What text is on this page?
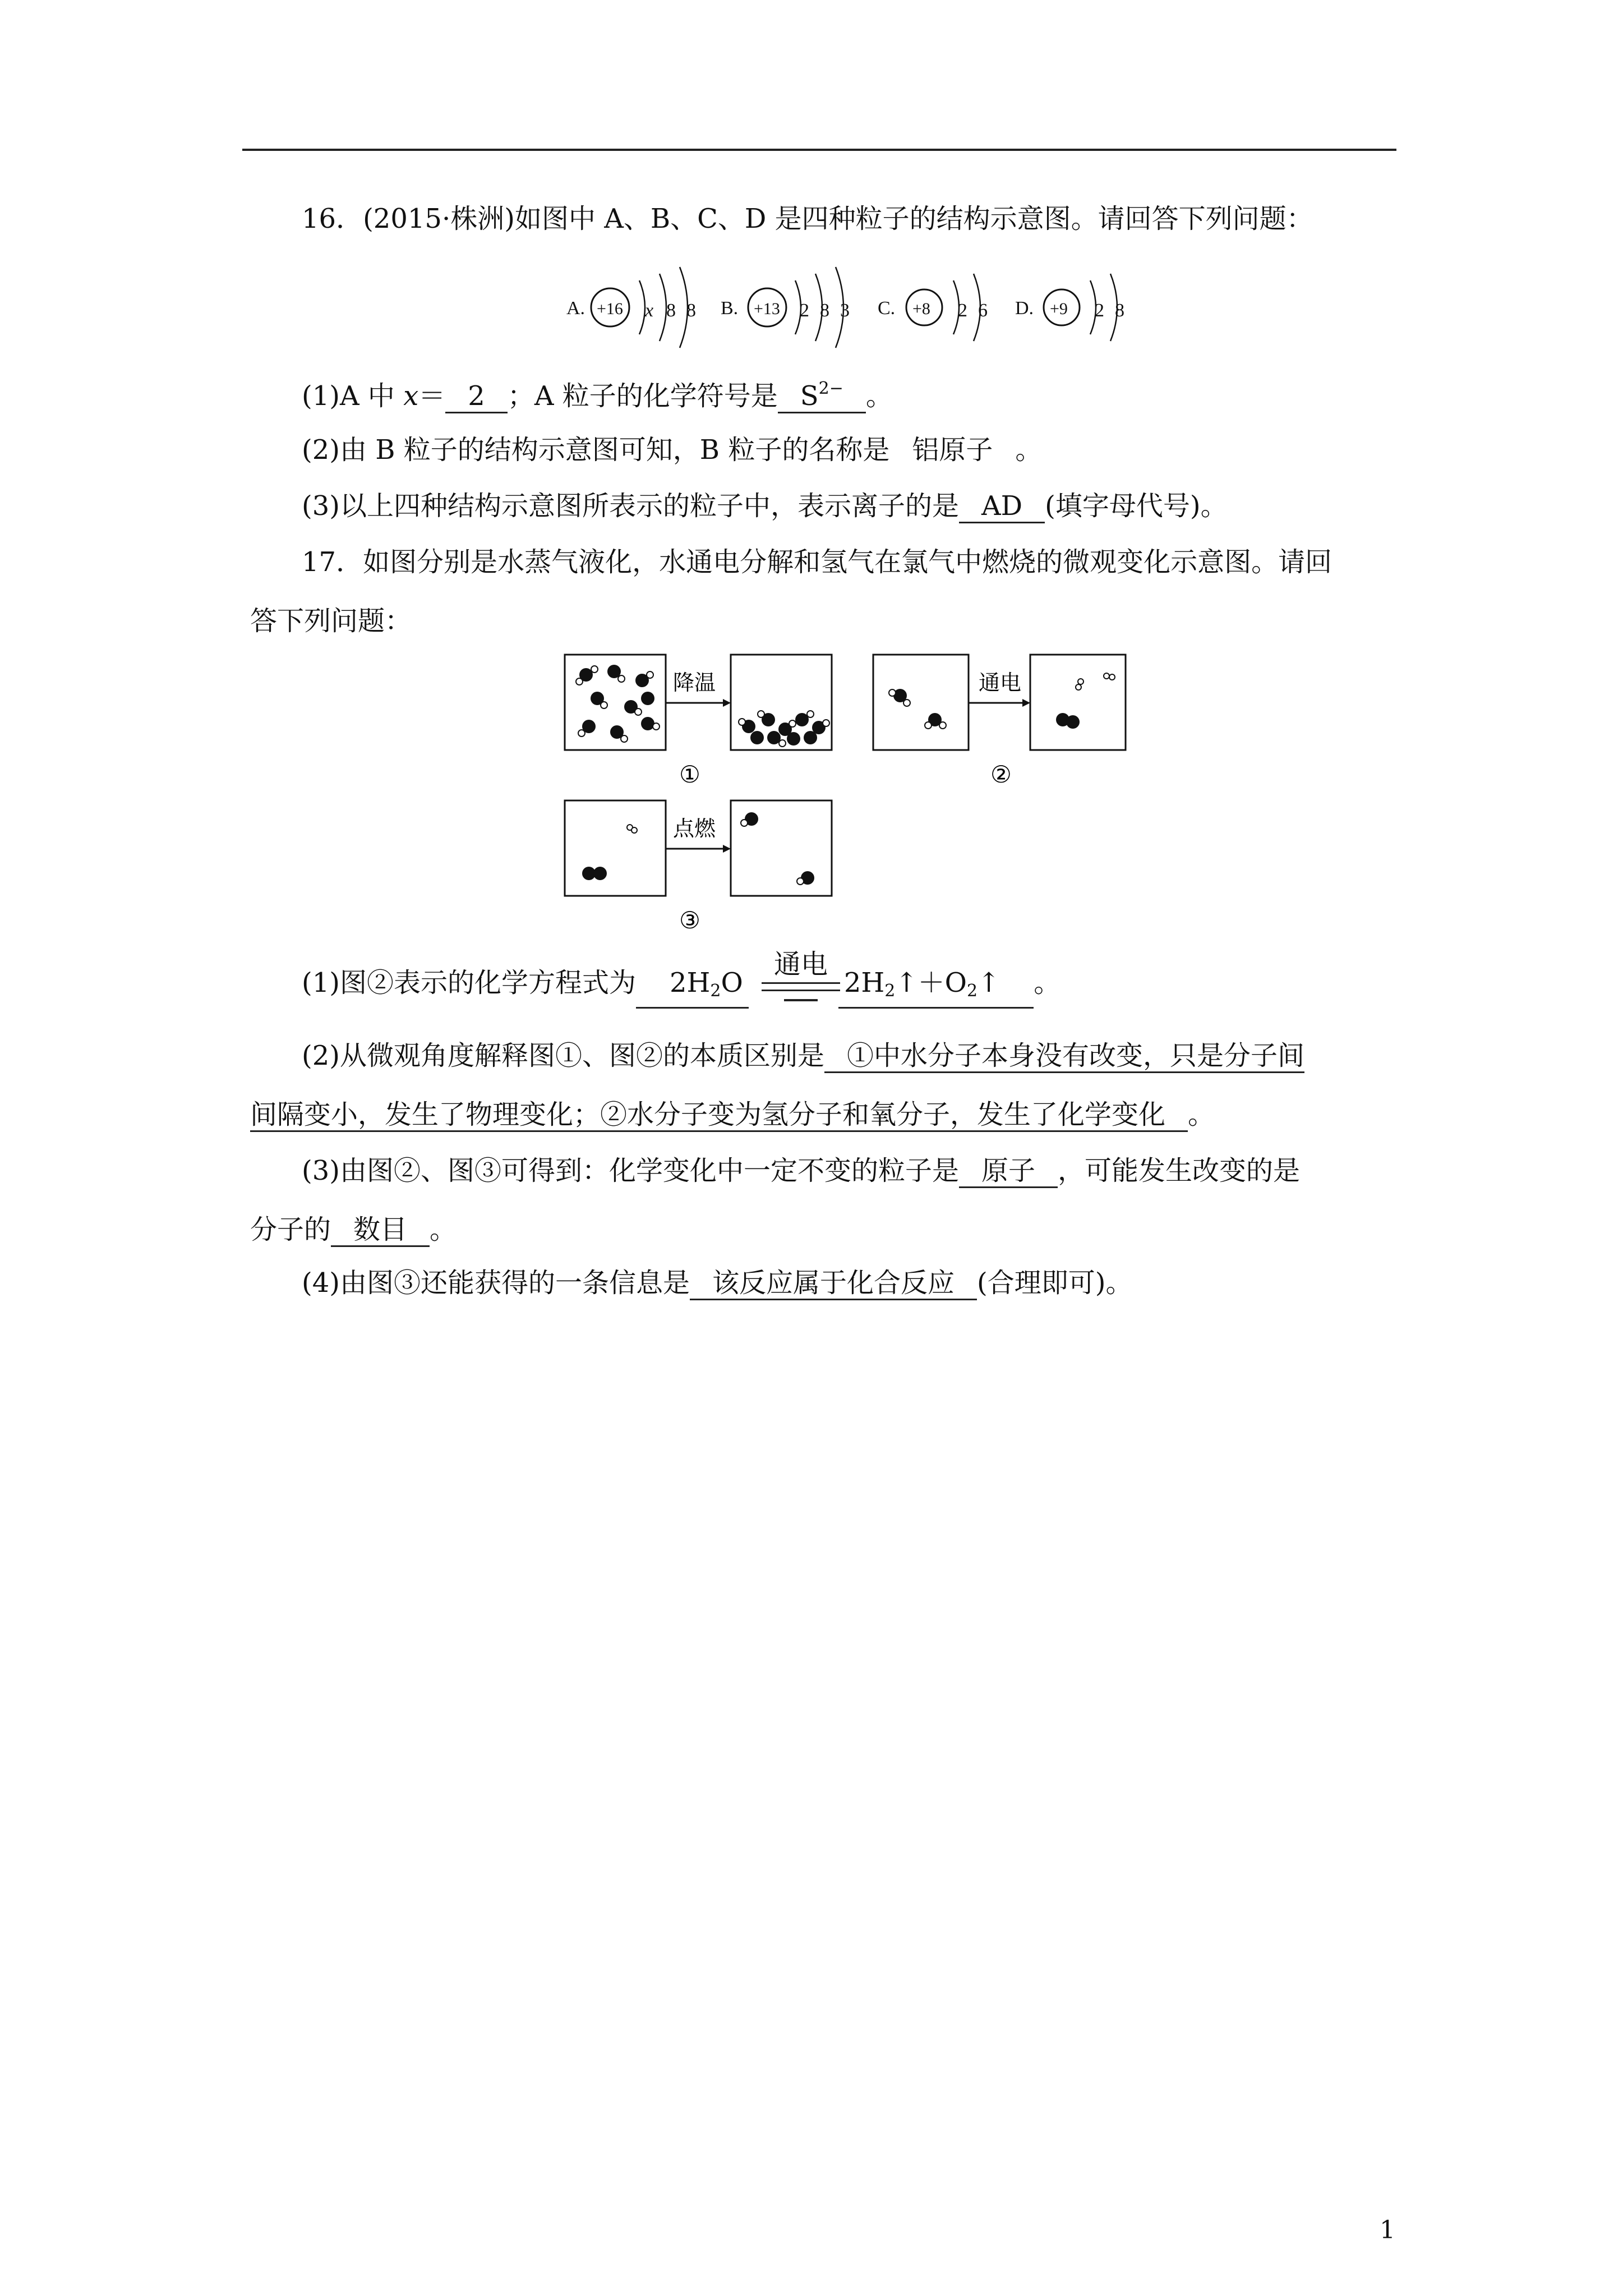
16．(2015·株洲)如图中 A、B、C、D 是四种粒子的结构示意图。请回答下列问题：
A. +16 x 8 8 B. +13 2 8 3 C. +8 2 6 D. +9 2 8
(1)A 中 x＝ 2 ；A 粒子的化学符号是 $S^{2-}$ 。
(2)由 B 粒子的结构示意图可知，B 粒子的名称是 铝原子 。
(3)以上四种结构示意图所表示的粒子中，表示离子的是 AD (填字母代号)。
17．如图分别是水蒸气液化，水通电分解和氢气在氯气中燃烧的微观变化示意图。请回
答下列问题：
降温
①
通电
②
点燃
③
(1)图②表示的化学方程式为 $2H_2O$	$2H_2↑+O_2↑$ 。
通电
(2)从微观角度解释图①、图②的本质区别是 ①中水分子本身没有改变，只是分子间
间隔变小，发生了物理变化；②水分子变为氢分子和氧分子，发生了化学变化 。
(3)由图②、图③可得到：化学变化中一定不变的粒子是 原子 ，可能发生改变的是
分子的 数目 。
(4)由图③还能获得的一条信息是 该反应属于化合反应 (合理即可)。
1
